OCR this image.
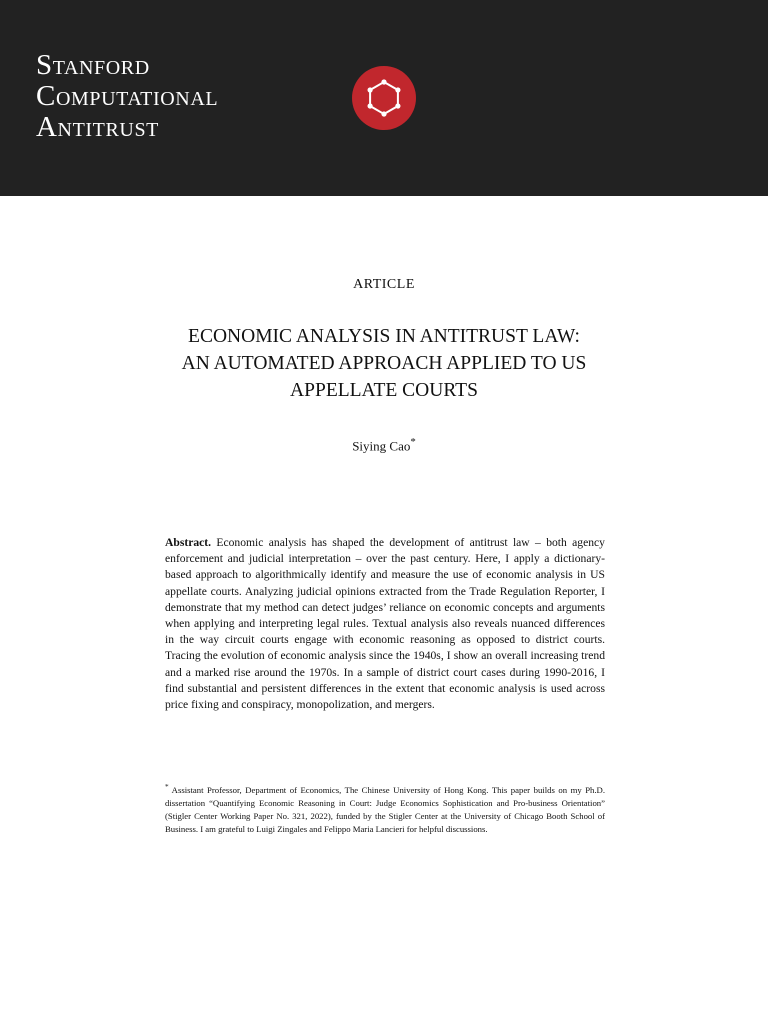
Stanford
Computational
Antitrust
ARTICLE
ECONOMIC ANALYSIS IN ANTITRUST LAW:
AN AUTOMATED APPROACH APPLIED TO US
APPELLATE COURTS
Siying Cao*

Abstract. Economic analysis has shaped the development of antitrust law – both agency enforcement and judicial interpretation – over the past century. Here, I apply a dictionary-based approach to algorithmically identify and measure the use of economic analysis in US appellate courts. Analyzing judicial opinions extracted from the Trade Regulation Reporter, I demonstrate that my method can detect judges’ reliance on economic concepts and arguments when applying and interpreting legal rules. Textual analysis also reveals nuanced differences in the way circuit courts engage with economic reasoning as opposed to district courts. Tracing the evolution of economic analysis since the 1940s, I show an overall increasing trend and a marked rise around the 1970s. In a sample of district court cases during 1990-2016, I find substantial and persistent differences in the extent that economic analysis is used across price fixing and conspiracy, monopolization, and mergers.

* Assistant Professor, Department of Economics, The Chinese University of Hong Kong. This paper builds on my Ph.D. dissertation “Quantifying Economic Reasoning in Court: Judge Economics Sophistication and Pro-business Orientation” (Stigler Center Working Paper No. 321, 2022), funded by the Stigler Center at the University of Chicago Booth School of Business. I am grateful to Luigi Zingales and Felippo Maria Lancieri for helpful discussions.
